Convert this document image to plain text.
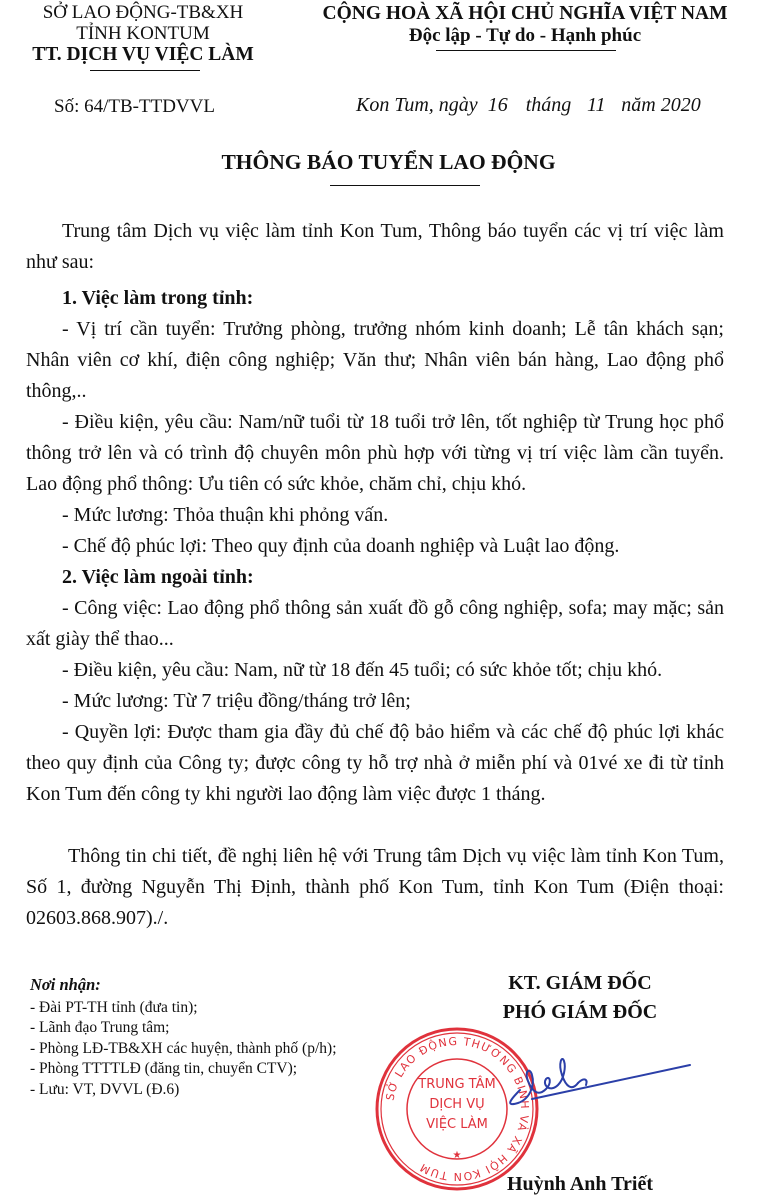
SỞ LAO ĐỘNG-TB&XH
TỈNH KONTUM
TT. DỊCH VỤ VIỆC LÀM
Số: 64/TB-TTDVVL
CỘNG HOÀ XÃ HỘI CHỦ NGHĨA VIỆT NAM
Độc lập - Tự do - Hạnh phúc
Kon Tum, ngày 16 tháng 11 năm 2020
THÔNG BÁO TUYỂN LAO ĐỘNG

Trung tâm Dịch vụ việc làm tỉnh Kon Tum, Thông báo tuyển các vị trí việc làm như sau:

1. Việc làm trong tỉnh:

- Vị trí cần tuyển: Trưởng phòng, trưởng nhóm kinh doanh; Lễ tân khách sạn; Nhân viên cơ khí, điện công nghiệp; Văn thư; Nhân viên bán hàng, Lao động phổ thông,..

- Điều kiện, yêu cầu: Nam/nữ tuổi từ 18 tuổi trở lên, tốt nghiệp từ Trung học phổ thông trở lên và có trình độ chuyên môn phù hợp với từng vị trí việc làm cần tuyển. Lao động phổ thông: Ưu tiên có sức khỏe, chăm chỉ, chịu khó.

- Mức lương: Thỏa thuận khi phỏng vấn.

- Chế độ phúc lợi: Theo quy định của doanh nghiệp và Luật lao động.

2. Việc làm ngoài tỉnh:

- Công việc: Lao động phổ thông sản xuất đồ gỗ công nghiệp, sofa; may mặc; sản xất giày thể thao...

- Điều kiện, yêu cầu: Nam, nữ từ 18 đến 45 tuổi; có sức khỏe tốt; chịu khó.

- Mức lương: Từ 7 triệu đồng/tháng trở lên;

- Quyền lợi: Được tham gia đầy đủ chế độ bảo hiểm và các chế độ phúc lợi khác theo quy định của Công ty; được công ty hỗ trợ nhà ở miễn phí và 01vé xe đi từ tỉnh Kon Tum đến công ty khi người lao động làm việc được 1 tháng.

Thông tin chi tiết, đề nghị liên hệ với Trung tâm Dịch vụ việc làm tỉnh Kon Tum, Số 1, đường Nguyễn Thị Định, thành phố Kon Tum, tỉnh Kon Tum (Điện thoại: 02603.868.907)./.

Nơi nhận:
- Đài PT-TH tỉnh (đưa tin);
- Lãnh đạo Trung tâm;
- Phòng LĐ-TB&XH các huyện, thành phố (p/h);
- Phòng TTTTLĐ (đăng tin, chuyển CTV);
- Lưu: VT, DVVL (Đ.6)
KT. GIÁM ĐỐC
PHÓ GIÁM ĐỐC
SỞ LAO ĐỘNG THƯƠNG BINH VÀ XÃ HỘI KON TUM
TRUNG TÂM
DỊCH VỤ
VIỆC LÀM
★
Huỳnh Anh Triết
